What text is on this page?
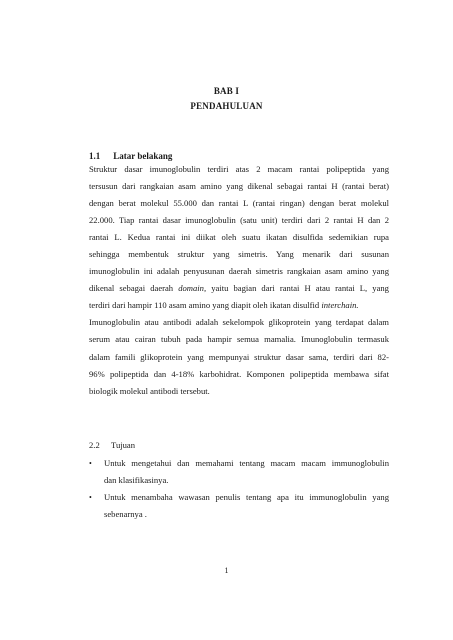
BAB I
PENDAHULUAN
1.1 Latar belakang
Struktur dasar imunoglobulin terdiri atas 2 macam rantai polipeptida yang
tersusun dari rangkaian asam amino yang dikenal sebagai rantai H (rantai berat)
dengan berat molekul 55.000 dan rantai L (rantai ringan) dengan berat molekul
22.000. Tiap rantai dasar imunoglobulin (satu unit) terdiri dari 2 rantai H dan 2
rantai L. Kedua rantai ini diikat oleh suatu ikatan disulfida sedemikian rupa
sehingga membentuk struktur yang simetris. Yang menarik dari susunan
imunoglobulin ini adalah penyusunan daerah simetris rangkaian asam amino yang
dikenal sebagai daerah domain, yaitu bagian dari rantai H atau rantai L, yang
terdiri dari hampir 110 asam amino yang diapit oleh ikatan disulfid interchain.
Imunoglobulin atau antibodi adalah sekelompok glikoprotein yang terdapat dalam
serum atau cairan tubuh pada hampir semua mamalia. Imunoglobulin termasuk
dalam famili glikoprotein yang mempunyai struktur dasar sama, terdiri dari 82-
96% polipeptida dan 4-18% karbohidrat. Komponen polipeptida membawa sifat
biologik molekul antibodi tersebut.
2.2 Tujuan
• Untuk mengetahui dan memahami tentang macam macam immunoglobulin
dan klasifikasinya.
• Untuk menambaha wawasan penulis tentang apa itu immunoglobulin yang
sebenarnya .
1
